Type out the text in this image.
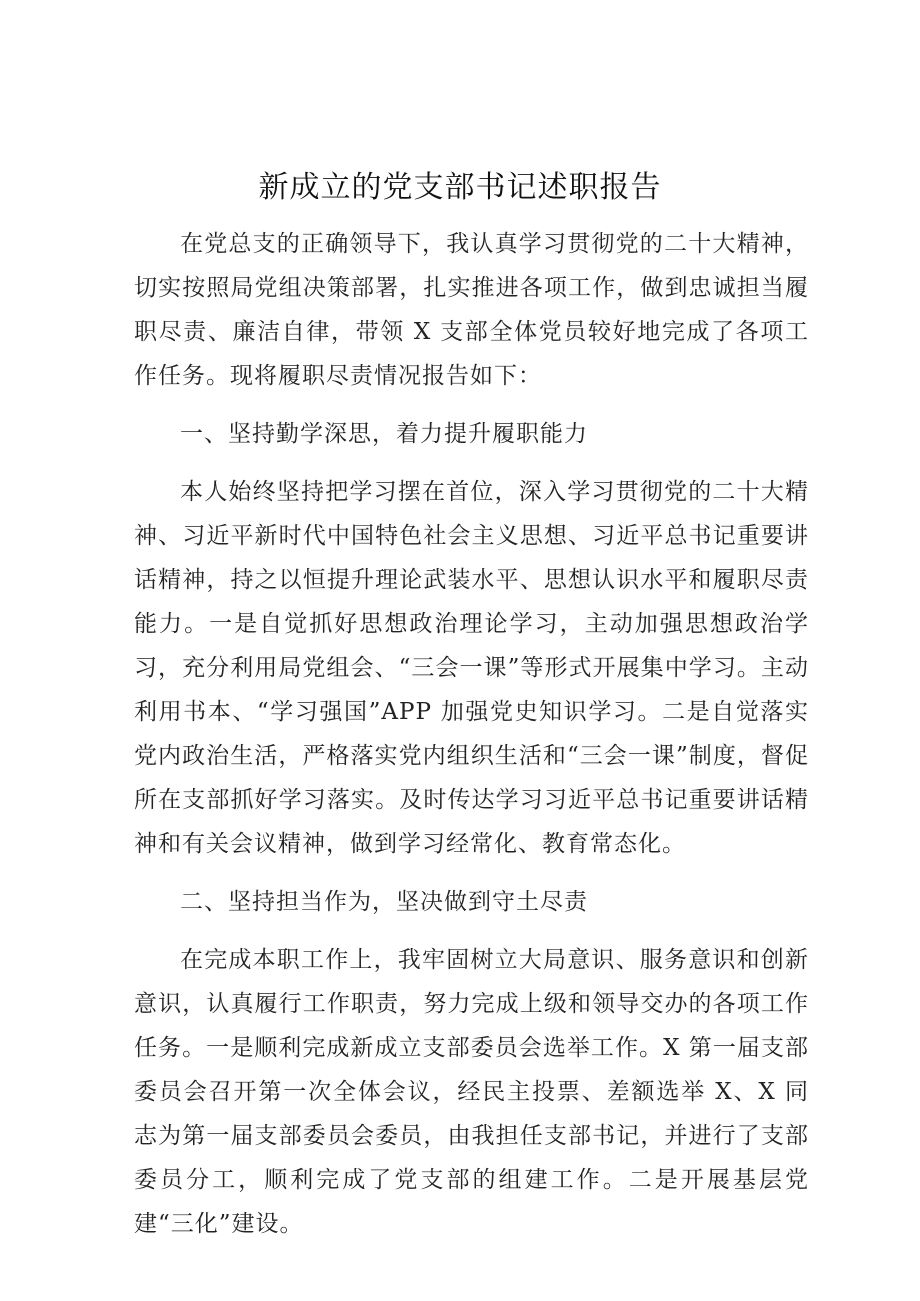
新成立的党支部书记述职报告

在党总支的正确领导下，我认真学习贯彻党的二十大精神，切实按照局党组决策部署，扎实推进各项工作，做到忠诚担当履职尽责、廉洁自律，带领 X 支部全体党员较好地完成了各项工作任务。现将履职尽责情况报告如下：

一、坚持勤学深思，着力提升履职能力

本人始终坚持把学习摆在首位，深入学习贯彻党的二十大精神、习近平新时代中国特色社会主义思想、习近平总书记重要讲话精神，持之以恒提升理论武装水平、思想认识水平和履职尽责能力。一是自觉抓好思想政治理论学习，主动加强思想政治学习，充分利用局党组会、“三会一课”等形式开展集中学习。主动利用书本、“学习强国”APP 加强党史知识学习。二是自觉落实党内政治生活，严格落实党内组织生活和“三会一课”制度，督促所在支部抓好学习落实。及时传达学习习近平总书记重要讲话精神和有关会议精神，做到学习经常化、教育常态化。

二、坚持担当作为，坚决做到守土尽责

在完成本职工作上，我牢固树立大局意识、服务意识和创新意识，认真履行工作职责，努力完成上级和领导交办的各项工作任务。一是顺利完成新成立支部委员会选举工作。X 第一届支部委员会召开第一次全体会议，经民主投票、差额选举 X、X 同志为第一届支部委员会委员，由我担任支部书记，并进行了支部委员分工，顺利完成了党支部的组建工作。二是开展基层党建“三化”建设。
